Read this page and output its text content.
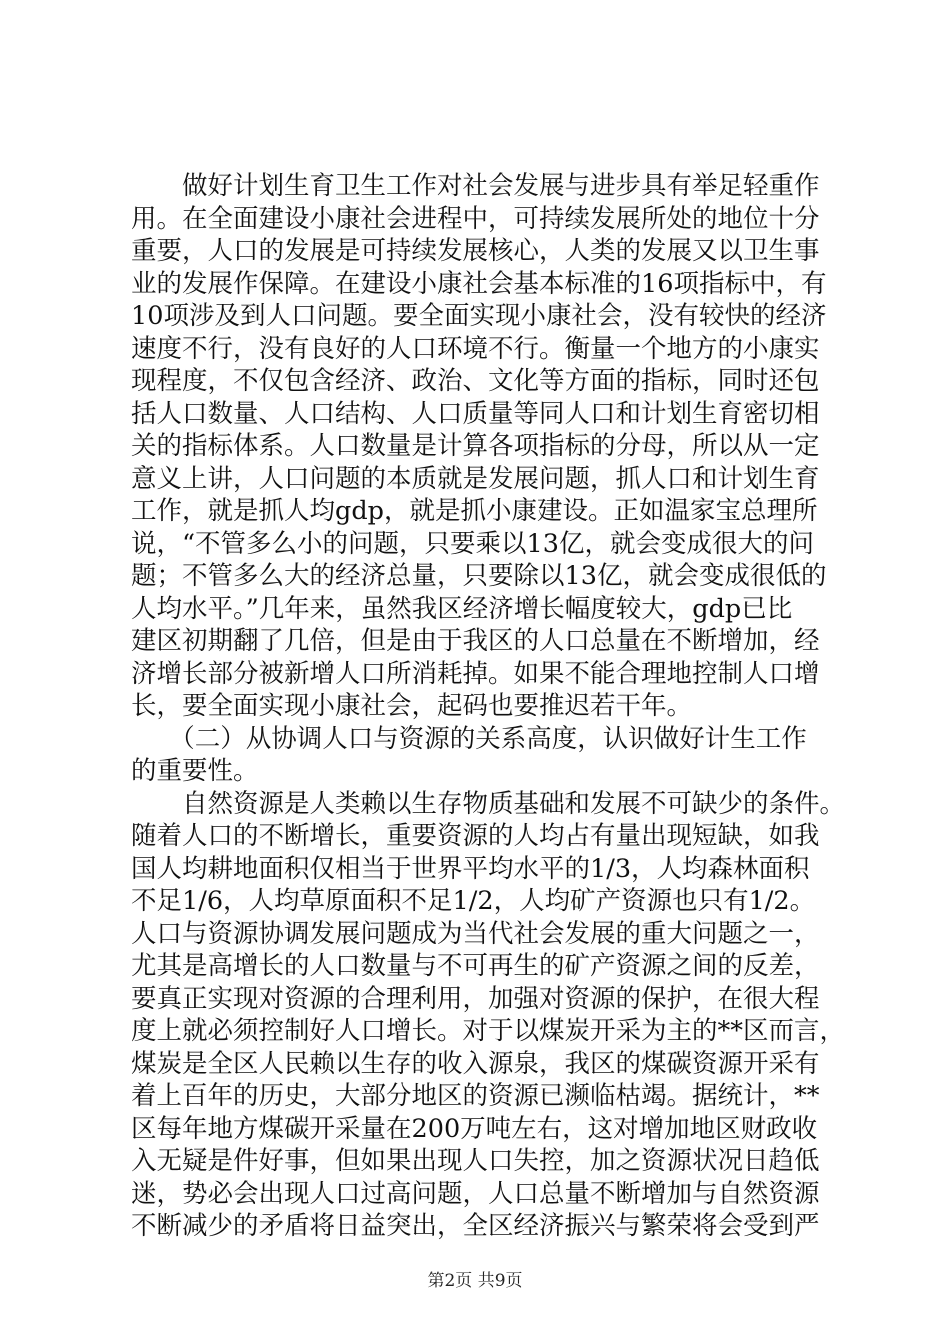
　　做好计划生育卫生工作对社会发展与进步具有举足轻重作
用。在全面建设小康社会进程中，可持续发展所处的地位十分
重要，人口的发展是可持续发展核心，人类的发展又以卫生事
业的发展作保障。在建设小康社会基本标准的16项指标中，有
10项涉及到人口问题。要全面实现小康社会，没有较快的经济
速度不行，没有良好的人口环境不行。衡量一个地方的小康实
现程度，不仅包含经济、政治、文化等方面的指标，同时还包
括人口数量、人口结构、人口质量等同人口和计划生育密切相
关的指标体系。人口数量是计算各项指标的分母，所以从一定
意义上讲，人口问题的本质就是发展问题，抓人口和计划生育
工作，就是抓人均gdp，就是抓小康建设。正如温家宝总理所
说，“不管多么小的问题，只要乘以13亿，就会变成很大的问
题；不管多么大的经济总量，只要除以13亿，就会变成很低的
人均水平。”几年来，虽然我区经济增长幅度较大，gdp已比
建区初期翻了几倍，但是由于我区的人口总量在不断增加，经
济增长部分被新增人口所消耗掉。如果不能合理地控制人口增
长，要全面实现小康社会，起码也要推迟若干年。
　　（二）从协调人口与资源的关系高度，认识做好计生工作
的重要性。
　　自然资源是人类赖以生存物质基础和发展不可缺少的条件。
随着人口的不断增长，重要资源的人均占有量出现短缺，如我
国人均耕地面积仅相当于世界平均水平的1/3，人均森林面积
不足1/6，人均草原面积不足1/2，人均矿产资源也只有1/2。
人口与资源协调发展问题成为当代社会发展的重大问题之一，
尤其是高增长的人口数量与不可再生的矿产资源之间的反差，
要真正实现对资源的合理利用，加强对资源的保护，在很大程
度上就必须控制好人口增长。对于以煤炭开采为主的**区而言，
煤炭是全区人民赖以生存的收入源泉，我区的煤碳资源开采有
着上百年的历史，大部分地区的资源已濒临枯竭。据统计，**
区每年地方煤碳开采量在200万吨左右，这对增加地区财政收
入无疑是件好事，但如果出现人口失控，加之资源状况日趋低
迷，势必会出现人口过高问题，人口总量不断增加与自然资源
不断减少的矛盾将日益突出，全区经济振兴与繁荣将会受到严
第2页 共9页
